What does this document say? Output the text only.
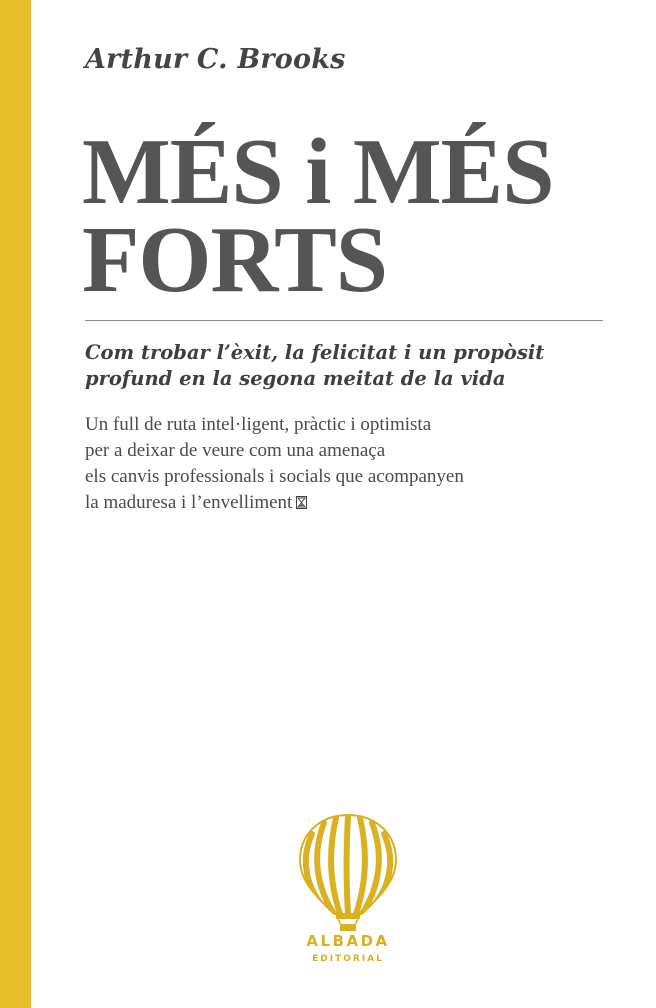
Arthur C. Brooks
MÉS i MÉS
FORTS
Com trobar l’èxit, la felicitat i un propòsit
profund en la segona meitat de la vida
Un full de ruta intel·ligent, pràctic i optimista
per a deixar de veure com una amenaça
els canvis professionals i socials que acompanyen
la maduresa i l’envelliment
ALBADA
EDITORIAL
